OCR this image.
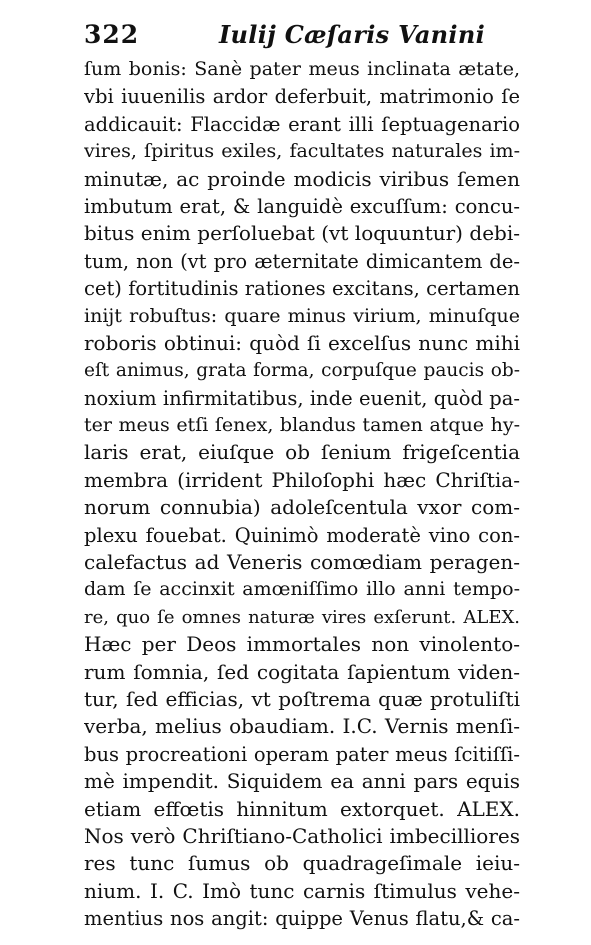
322	Iulij Cæſaris Vanini
ſum bonis: Sanè pater meus inclinata ætate,
vbi iuuenilis ardor deferbuit, matrimonio ſe
addicauit: Flaccidæ erant illi ſeptuagenario
vires, ſpiritus exiles, facultates naturales im-
minutæ, ac proinde modicis viribus ſemen
imbutum erat, & languidè excuſſum: concu-
bitus enim perſoluebat (vt loquuntur) debi-
tum, non (vt pro æternitate dimicantem de-
cet) fortitudinis rationes excitans, certamen
inijt robuſtus: quare minus virium, minuſque
roboris obtinui: quòd ſi excelſus nunc mihi
eſt animus, grata forma, corpuſque paucis ob-
noxium infirmitatibus, inde euenit, quòd pa-
ter meus etſi ſenex, blandus tamen atque hy-
laris erat, eiuſque ob ſenium frigeſcentia
membra (irrident Philoſophi hæc Chriſtia-
norum connubia) adoleſcentula vxor com-
plexu fouebat. Quinimò moderatè vino con-
calefactus ad Veneris comœdiam peragen-
dam ſe accinxit amœniſſimo illo anni tempo-
re, quo ſe omnes naturæ vires exſerunt. ALEX.
Hæc per Deos immortales non vinolento-
rum ſomnia, ſed cogitata ſapientum viden-
tur, ſed efficias, vt poſtrema quæ protuliſti
verba, melius obaudiam. I.C. Vernis menſi-
bus procreationi operam pater meus ſcitiſſi-
mè impendit. Siquidem ea anni pars equis
etiam effœtis hinnitum extorquet. ALEX.
Nos verò Chriſtiano-Catholici imbecilliores
res tunc ſumus ob quadrageſimale ieiu-
nium. I. C. Imò tunc carnis ſtimulus vehe-
mentius nos angit: quippe Venus flatu,& ca-
